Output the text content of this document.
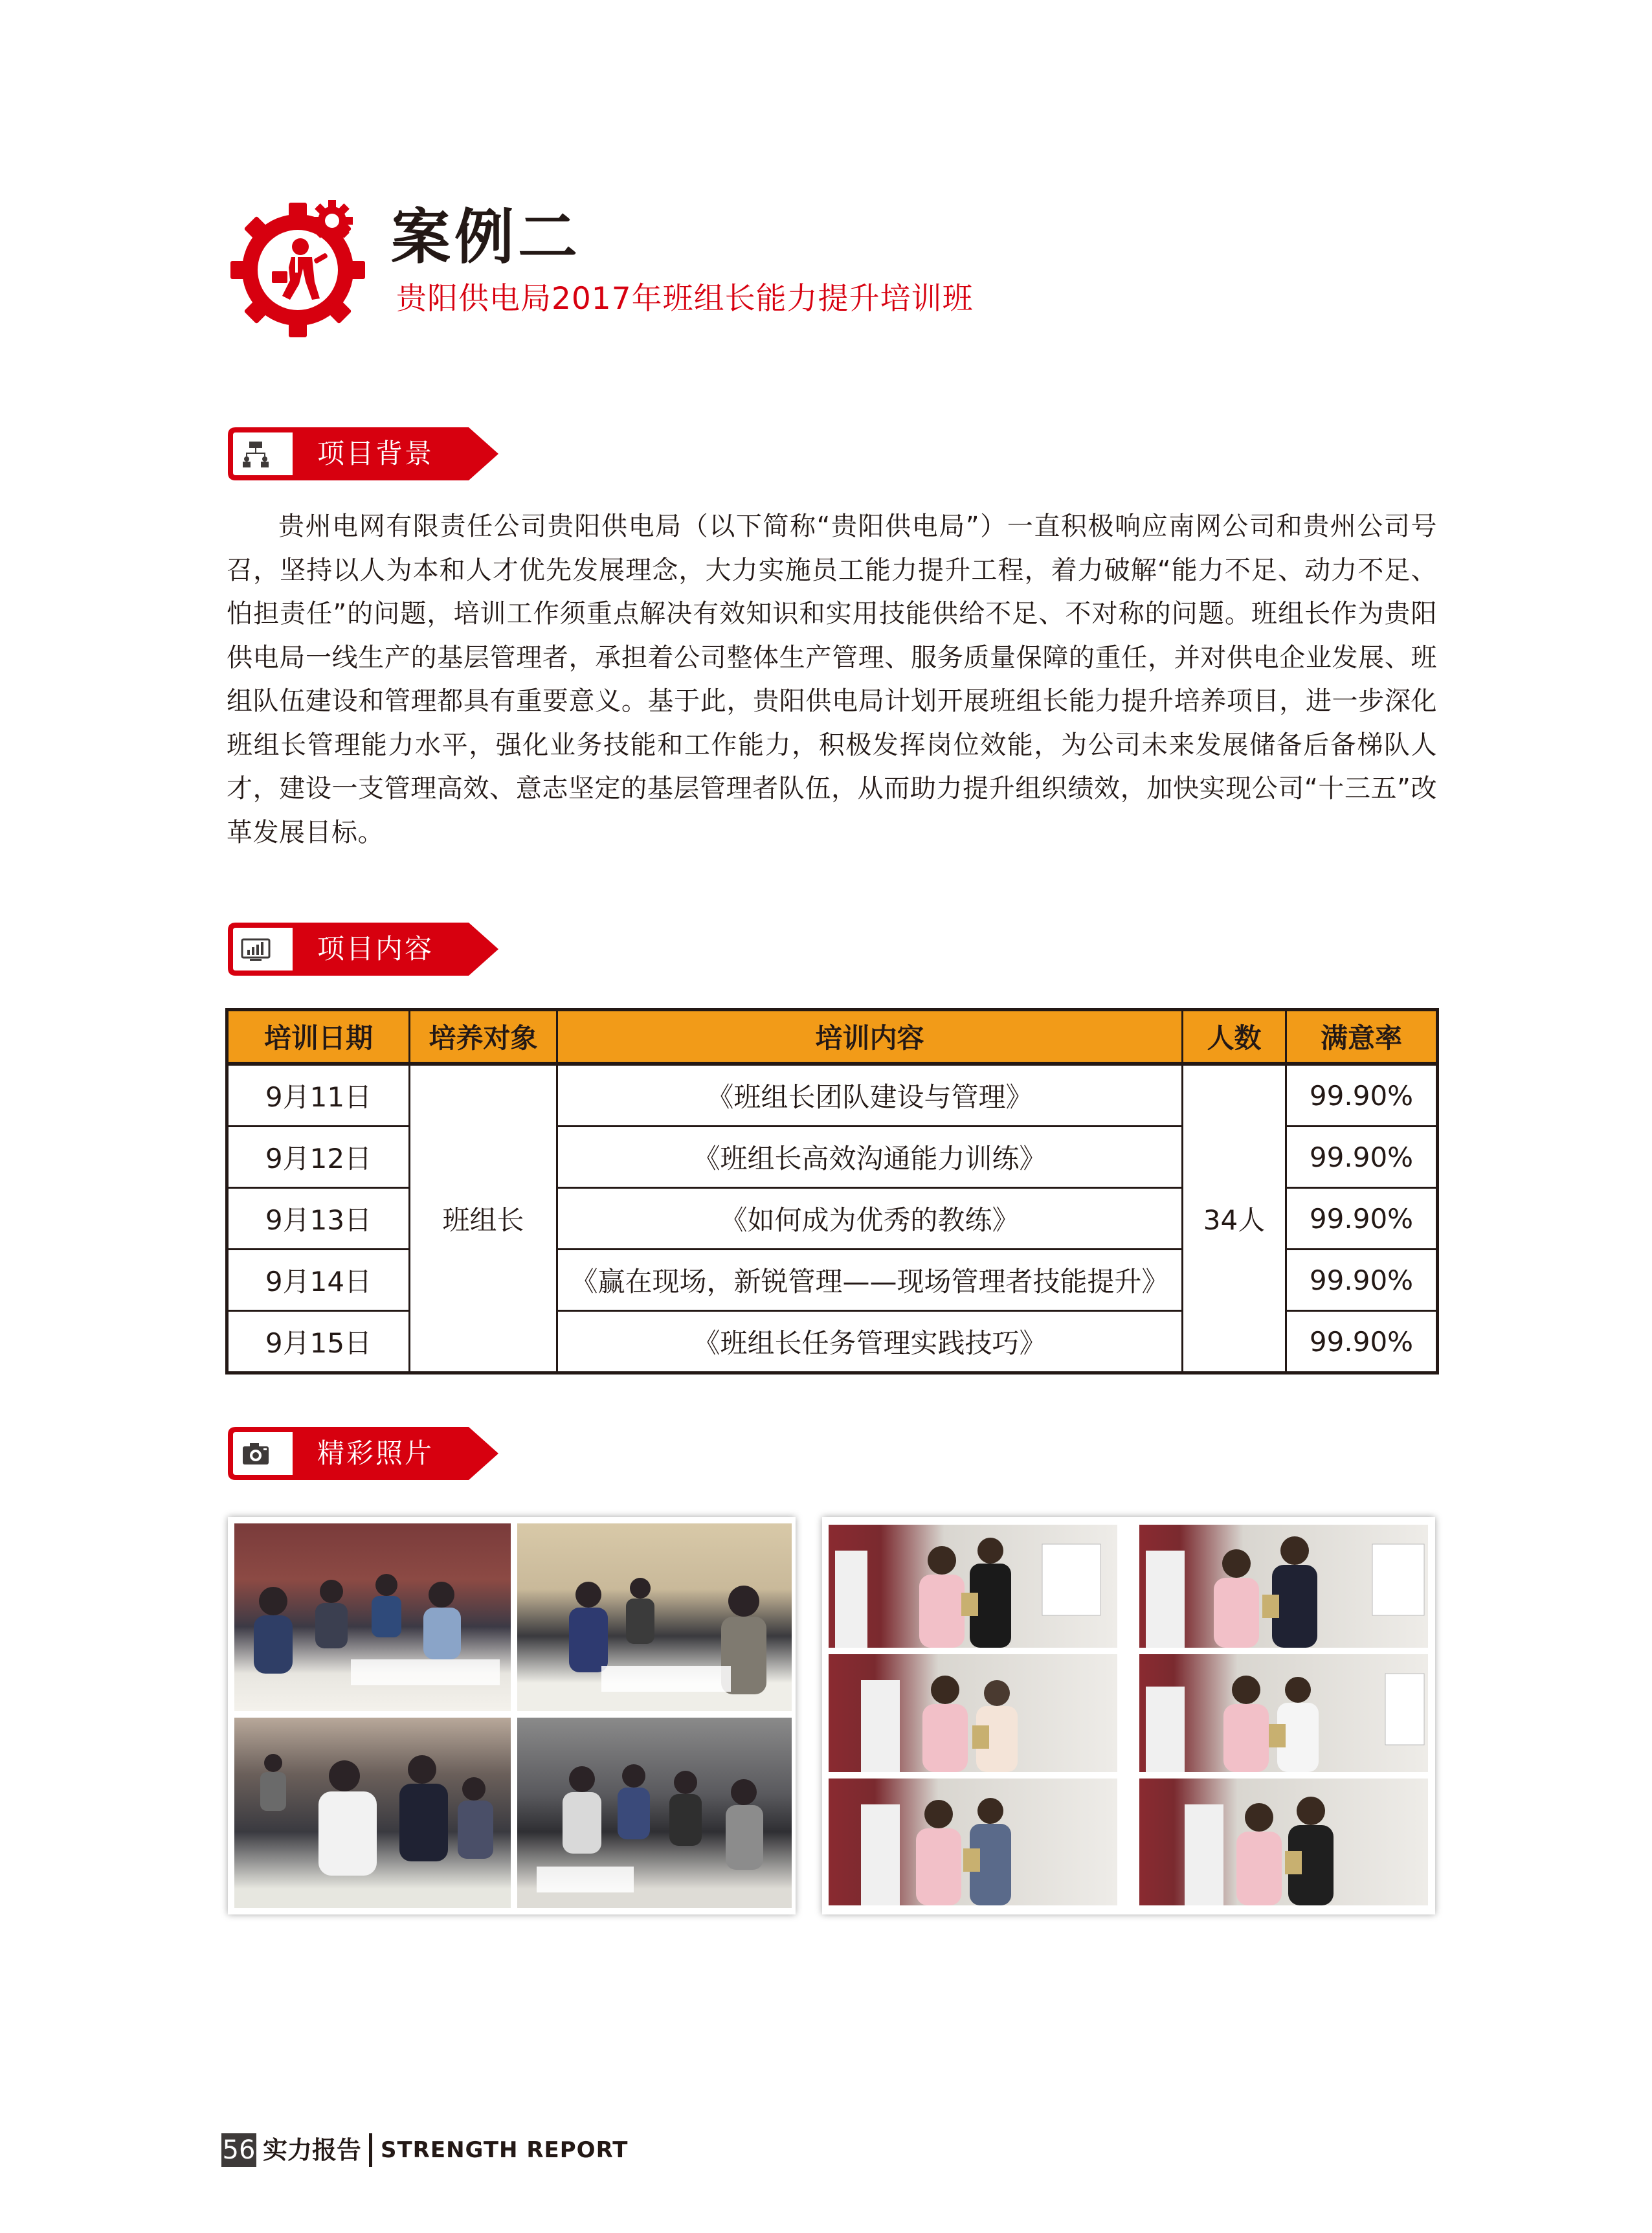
案例二
贵阳供电局2017年班组长能力提升培训班
项目背景

贵州电网有限责任公司贵阳供电局（以下简称“贵阳供电局”）一直积极响应南网公司和贵州公司号召，坚持以人为本和人才优先发展理念，大力实施员工能力提升工程，着力破解“能力不足、动力不足、怕担责任”的问题，培训工作须重点解决有效知识和实用技能供给不足、不对称的问题。班组长作为贵阳供电局一线生产的基层管理者，承担着公司整体生产管理、服务质量保障的重任，并对供电企业发展、班组队伍建设和管理都具有重要意义。基于此，贵阳供电局计划开展班组长能力提升培养项目，进一步深化班组长管理能力水平，强化业务技能和工作能力，积极发挥岗位效能，为公司未来发展储备后备梯队人才，建设一支管理高效、意志坚定的基层管理者队伍，从而助力提升组织绩效，加快实现公司“十三五”改革发展目标。

项目内容
培训日期	培养对象	培训内容	人数	满意率
9月11日	班组长	《班组长团队建设与管理》	34人	99.90%
9月12日		《班组长高效沟通能力训练》		99.90%
9月13日		《如何成为优秀的教练》		99.90%
9月14日		《赢在现场，新锐管理——现场管理者技能提升》		99.90%
9月15日		《班组长任务管理实践技巧》		99.90%
精彩照片
56 实力报告 STRENGTH REPORT
